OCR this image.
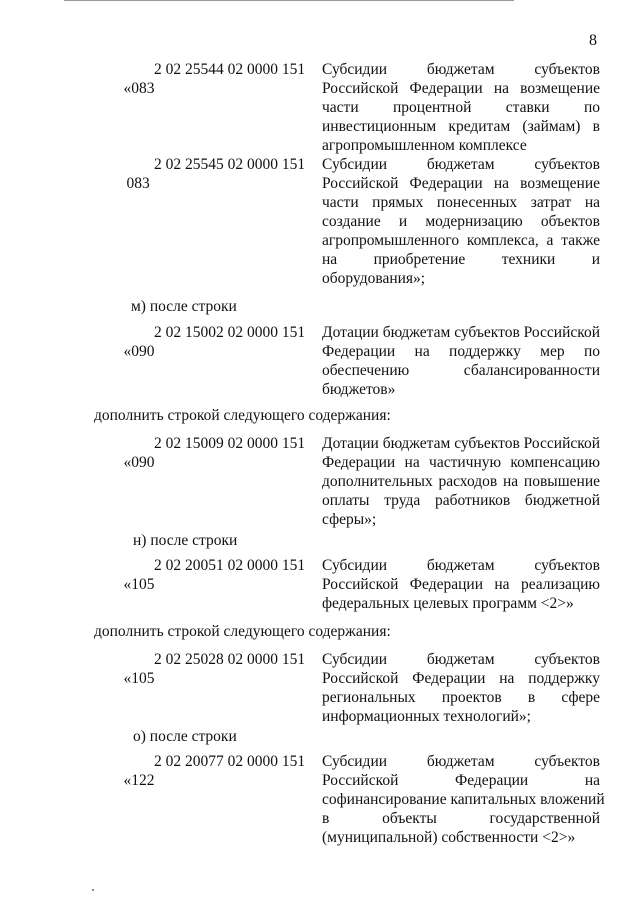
8

«083
2 02 25544 02 0000 151

Субсидии бюджетам субъектов
Российской Федерации на возмещение
части процентной ставки по
инвестиционным кредитам (займам) в
агропромышленном комплексе

083
2 02 25545 02 0000 151

Субсидии бюджетам субъектов
Российской Федерации на возмещение
части прямых понесенных затрат на
создание и модернизацию объектов
агропромышленного комплекса, а также
на приобретение техники и
оборудования»;
м) после строки

«090
2 02 15002 02 0000 151

Дотации бюджетам субъектов Российской
Федерации на поддержку мер по
обеспечению сбалансированности
бюджетов»
дополнить строкой следующего содержания:

«090
2 02 15009 02 0000 151

Дотации бюджетам субъектов Российской
Федерации на частичную компенсацию
дополнительных расходов на повышение
оплаты труда работников бюджетной
сферы»;
н) после строки

«105
2 02 20051 02 0000 151

Субсидии бюджетам субъектов
Российской Федерации на реализацию
федеральных целевых программ <2>»
дополнить строкой следующего содержания:

«105
2 02 25028 02 0000 151

Субсидии бюджетам субъектов
Российской Федерации на поддержку
региональных проектов в сфере
информационных технологий»;
о) после строки

«122
2 02 20077 02 0000 151

Субсидии бюджетам субъектов
Российской Федерации на
софинансирование капитальных вложений
в объекты государственной
(муниципальной) собственности <2>»
